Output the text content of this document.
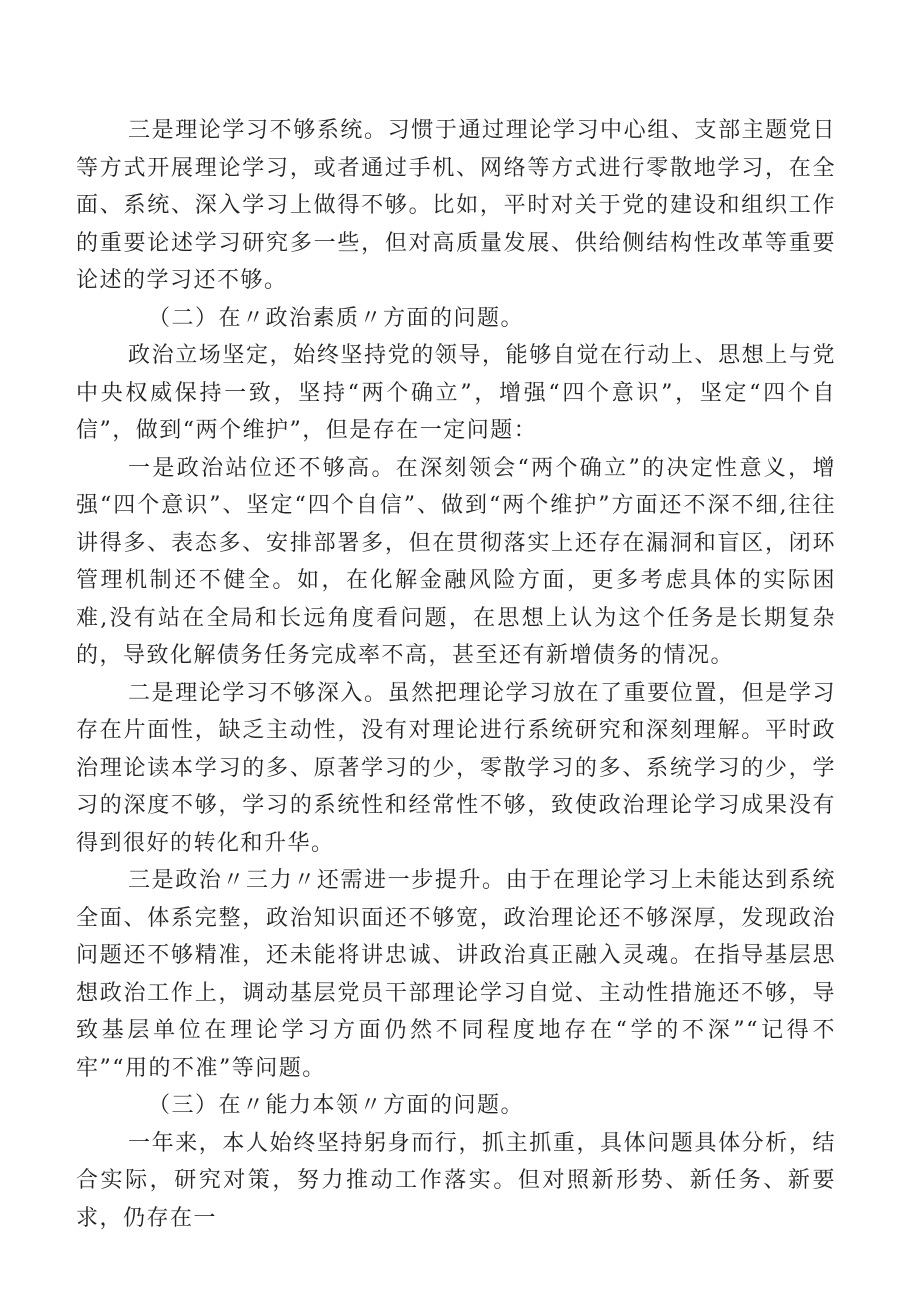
三是理论学习不够系统。习惯于通过理论学习中心组、支部主题党日等方式开展理论学习，或者通过手机、网络等方式进行零散地学习，在全面、系统、深入学习上做得不够。比如，平时对关于党的建设和组织工作的重要论述学习研究多一些，但对高质量发展、供给侧结构性改革等重要论述的学习还不够。

（二）在〃政治素质〃方面的问题。

政治立场坚定，始终坚持党的领导，能够自觉在行动上、思想上与党中央权威保持一致，坚持“两个确立”，增强“四个意识”，坚定“四个自信”，做到“两个维护”，但是存在一定问题：

一是政治站位还不够高。在深刻领会“两个确立”的决定性意义，增强“四个意识”、坚定“四个自信”、做到“两个维护”方面还不深不细,往往讲得多、表态多、安排部署多，但在贯彻落实上还存在漏洞和盲区，闭环管理机制还不健全。如，在化解金融风险方面，更多考虑具体的实际困难,没有站在全局和长远角度看问题，在思想上认为这个任务是长期复杂的，导致化解债务任务完成率不高，甚至还有新增债务的情况。

二是理论学习不够深入。虽然把理论学习放在了重要位置，但是学习存在片面性，缺乏主动性，没有对理论进行系统研究和深刻理解。平时政治理论读本学习的多、原著学习的少，零散学习的多、系统学习的少，学习的深度不够，学习的系统性和经常性不够，致使政治理论学习成果没有得到很好的转化和升华。

三是政治〃三力〃还需进一步提升。由于在理论学习上未能达到系统全面、体系完整，政治知识面还不够宽，政治理论还不够深厚，发现政治问题还不够精准，还未能将讲忠诚、讲政治真正融入灵魂。在指导基层思想政治工作上，调动基层党员干部理论学习自觉、主动性措施还不够，导致基层单位在理论学习方面仍然不同程度地存在“学的不深”“记得不牢”“用的不准”等问题。

（三）在〃能力本领〃方面的问题。

一年来，本人始终坚持躬身而行，抓主抓重，具体问题具体分析，结合实际，研究对策，努力推动工作落实。但对照新形势、新任务、新要求，仍存在一
